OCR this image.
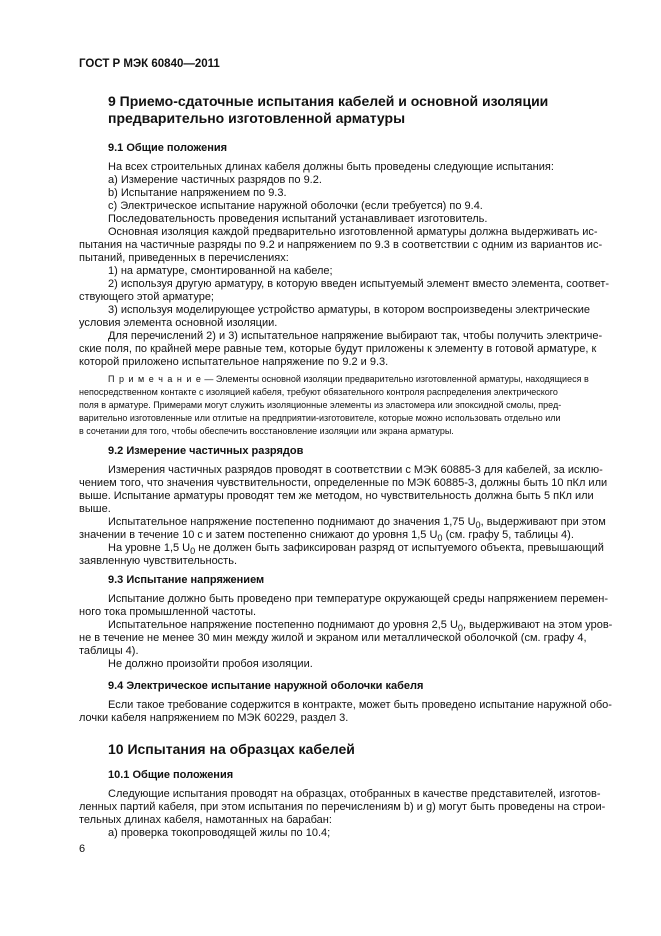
ГОСТ Р МЭК 60840—2011
9 Приемо-сдаточные испытания кабелей и основной изоляции
предварительно изготовленной арматуры
9.1 Общие положения
На всех строительных длинах кабеля должны быть проведены следующие испытания:
a) Измерение частичных разрядов по 9.2.
b) Испытание напряжением по 9.3.
c) Электрическое испытание наружной оболочки (если требуется) по 9.4.
Последовательность проведения испытаний устанавливает изготовитель.
Основная изоляция каждой предварительно изготовленной арматуры должна выдерживать ис-
пытания на частичные разряды по 9.2 и напряжением по 9.3 в соответствии с одним из вариантов ис-
пытаний, приведенных в перечислениях:
1) на арматуре, смонтированной на кабеле;
2) используя другую арматуру, в которую введен испытуемый элемент вместо элемента, соответ-
ствующего этой арматуре;
3) используя моделирующее устройство арматуры, в котором воспроизведены электрические
условия элемента основной изоляции.
Для перечислений 2) и 3) испытательное напряжение выбирают так, чтобы получить электриче-
ские поля, по крайней мере равные тем, которые будут приложены к элементу в готовой арматуре, к
которой приложено испытательное напряжение по 9.2 и 9.3.
П р и м е ч а н и е — Элементы основной изоляции предварительно изготовленной арматуры, находящиеся в
непосредственном контакте с изоляцией кабеля, требуют обязательного контроля распределения электрического
поля в арматуре. Примерами могут служить изоляционные элементы из эластомера или эпоксидной смолы, пред-
варительно изготовленные или отлитые на предприятии-изготовителе, которые можно использовать отдельно или
в сочетании для того, чтобы обеспечить восстановление изоляции или экрана арматуры.
9.2 Измерение частичных разрядов
Измерения частичных разрядов проводят в соответствии с МЭК 60885-3 для кабелей, за исклю-
чением того, что значения чувствительности, определенные по МЭК 60885-3, должны быть 10 пКл или
выше. Испытание арматуры проводят тем же методом, но чувствительность должна быть 5 пКл или
выше.
Испытательное напряжение постепенно поднимают до значения 1,75 $U_0$, выдерживают при этом
значении в течение 10 с и затем постепенно снижают до уровня 1,5 $U_0$ (см. графу 5, таблицы 4).
На уровне 1,5 $U_0$ не должен быть зафиксирован разряд от испытуемого объекта, превышающий
заявленную чувствительность.
9.3 Испытание напряжением
Испытание должно быть проведено при температуре окружающей среды напряжением перемен-
ного тока промышленной частоты.
Испытательное напряжение постепенно поднимают до уровня 2,5 $U_0$, выдерживают на этом уров-
не в течение не менее 30 мин между жилой и экраном или металлической оболочкой (см. графу 4,
таблицы 4).
Не должно произойти пробоя изоляции.
9.4 Электрическое испытание наружной оболочки кабеля
Если такое требование содержится в контракте, может быть проведено испытание наружной обо-
лочки кабеля напряжением по МЭК 60229, раздел 3.
10 Испытания на образцах кабелей
10.1 Общие положения
Следующие испытания проводят на образцах, отобранных в качестве представителей, изготов-
ленных партий кабеля, при этом испытания по перечислениям b) и g) могут быть проведены на строи-
тельных длинах кабеля, намотанных на барабан:
a) проверка токопроводящей жилы по 10.4;
6
